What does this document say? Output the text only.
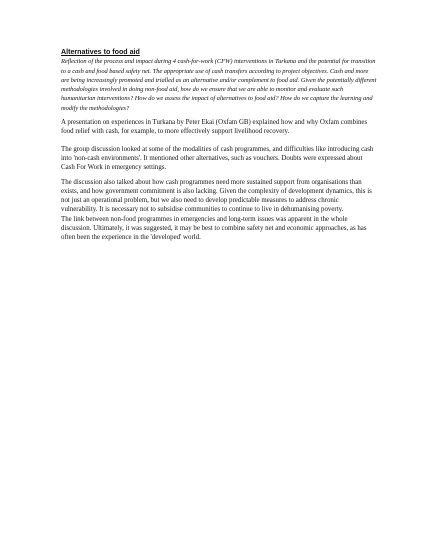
Alternatives to food aid
Reflection of the process and impact during 4 cash-for-work (CFW) interventions in Turkana and the potential for transition to a cash and food based safety net. The appropriate use of cash transfers according to project objectives. Cash and more are being increasingly promoted and trialled as an alternative and/or complement to food aid. Given the potentially different methodologies involved in doing non-food aid, how do we ensure that we are able to monitor and evaluate such humanitarian interventions? How do we assess the impact of alternatives to food aid? How do we capture the learning and modify the methodologies?

A presentation on experiences in Turkana by Peter Ekai (Oxfam GB) explained how and why Oxfam combines food relief with cash, for example, to more effectively support livelihood recovery.

The group discussion looked at some of the modalities of cash programmes, and difficulties like introducing cash into 'non-cash environments'. It mentioned other alternatives, such as vouchers. Doubts were expressed about Cash For Work in emergency settings.

The discussion also talked about how cash programmes need more sustained support from organisations than exists, and how government commitment is also lacking. Given the complexity of development dynamics, this is not just an operational problem, but we also need to develop predictable measures to address chronic vulnerability. It is necessary not to subsidise communities to continue to live in dehumanising poverty.

The link between non-food programmes in emergencies and long-term issues was apparent in the whole discussion. Ultimately, it was suggested, it may be best to combine safety net and economic approaches, as has often been the experience in the 'developed' world.
